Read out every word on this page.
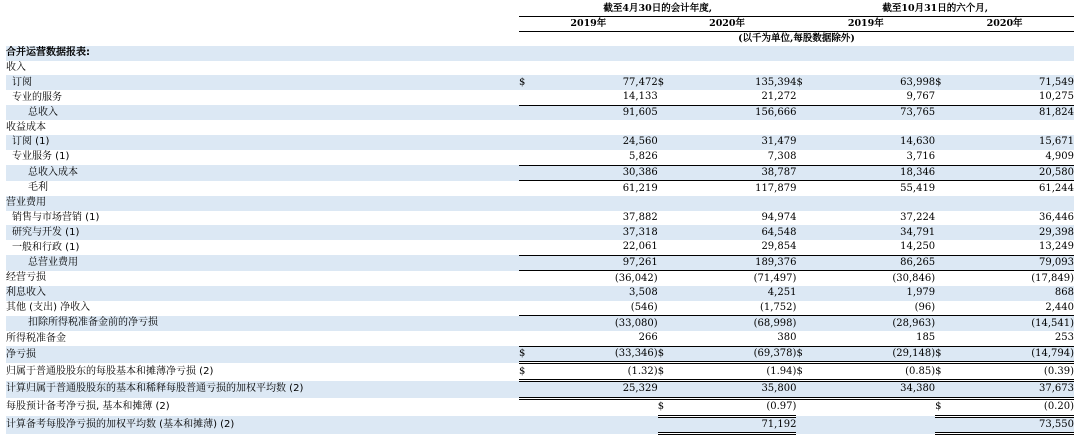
	截至4月30日的会计年度,				截至10月31日的六个月,			
	2019年		2020年		2019年		2020年	
	(以千为单位,每股数据除外)							
合并运营数据报表:								
收入								
订阅	$	77,472	$	135,394	$	63,998	$	71,549
专业的服务		14,133		21,272		9,767		10,275
总收入		91,605		156,666		73,765		81,824
收益成本								
订阅 (1)		24,560		31,479		14,630		15,671
专业服务 (1)		5,826		7,308		3,716		4,909
总收入成本		30,386		38,787		18,346		20,580
毛利		61,219		117,879		55,419		61,244
营业费用								
销售与市场营销 (1)		37,882		94,974		37,224		36,446
研究与开发 (1)		37,318		64,548		34,791		29,398
一般和行政 (1)		22,061		29,854		14,250		13,249
总营业费用		97,261		189,376		86,265		79,093
经营亏损		(36,042)		(71,497)		(30,846)		(17,849)
利息收入		3,508		4,251		1,979		868
其他 (支出) 净收入		(546)		(1,752)		(96)		2,440
扣除所得税准备金前的净亏损		(33,080)		(68,998)		(28,963)		(14,541)
所得税准备金		266		380		185		253
净亏损	$	(33,346)	$	(69,378)	$	(29,148)	$	(14,794)
归属于普通股股东的每股基本和摊薄净亏损 (2)	$	(1.32)	$	(1.94)	$	(0.85)	$	(0.39)
计算归属于普通股股东的基本和稀释每股普通亏损的加权平均数 (2)		25,329		35,800		34,380		37,673
每股预计备考净亏损, 基本和摊薄 (2)			$	(0.97)			$	(0.20)
计算备考每股净亏损的加权平均数 (基本和摊薄) (2)				71,192				73,550
